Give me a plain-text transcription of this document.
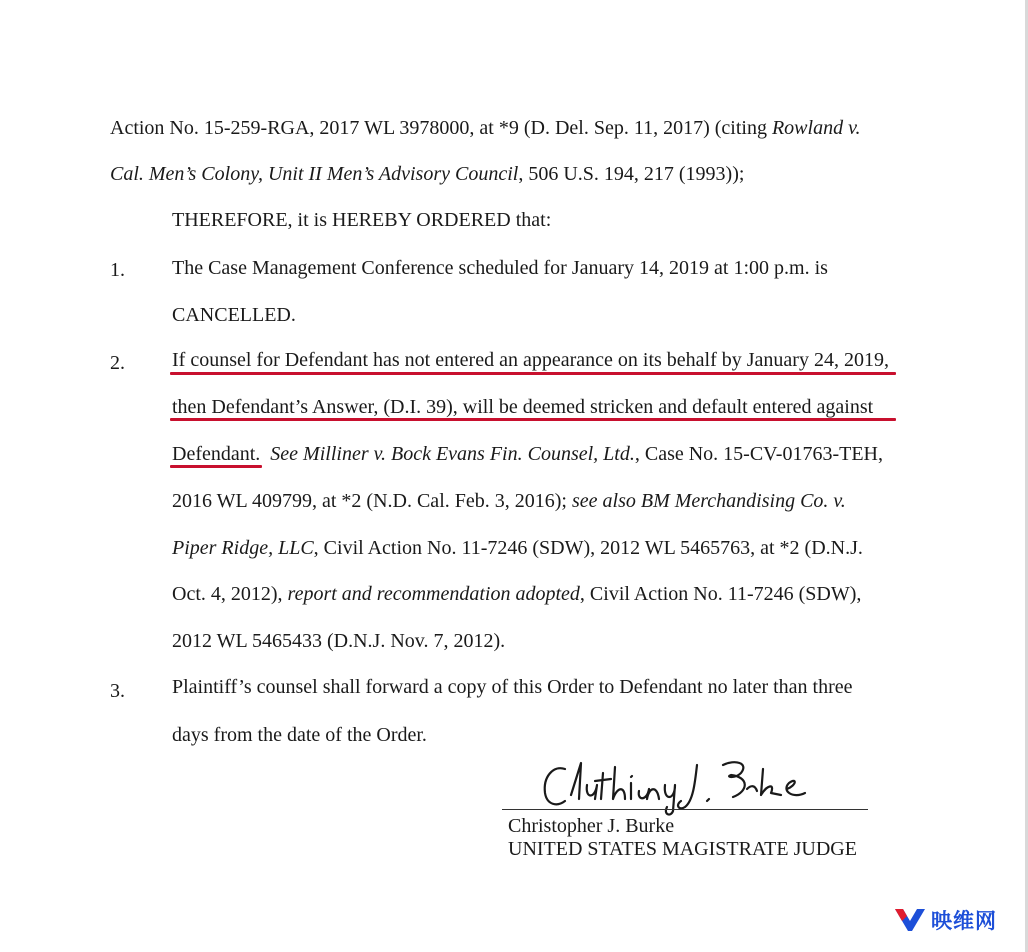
Action No. 15-259-RGA, 2017 WL 3978000, at *9 (D. Del. Sep. 11, 2017) (citing Rowland v.
Cal. Men’s Colony, Unit II Men’s Advisory Council, 506 U.S. 194, 217 (1993));
THEREFORE, it is HEREBY ORDERED that:
1. The Case Management Conference scheduled for January 14, 2019 at 1:00 p.m. is
CANCELLED.
2. If counsel for Defendant has not entered an appearance on its behalf by January 24, 2019,
then Defendant’s Answer, (D.I. 39), will be deemed stricken and default entered against
Defendant. See Milliner v. Bock Evans Fin. Counsel, Ltd., Case No. 15-CV-01763-TEH,
2016 WL 409799, at *2 (N.D. Cal. Feb. 3, 2016); see also BM Merchandising Co. v.
Piper Ridge, LLC, Civil Action No. 11-7246 (SDW), 2012 WL 5465763, at *2 (D.N.J.
Oct. 4, 2012), report and recommendation adopted, Civil Action No. 11-7246 (SDW),
2012 WL 5465433 (D.N.J. Nov. 7, 2012).
3. Plaintiff’s counsel shall forward a copy of this Order to Defendant no later than three
days from the date of the Order.
Christopher J. Burke
UNITED STATES MAGISTRATE JUDGE
映维网
